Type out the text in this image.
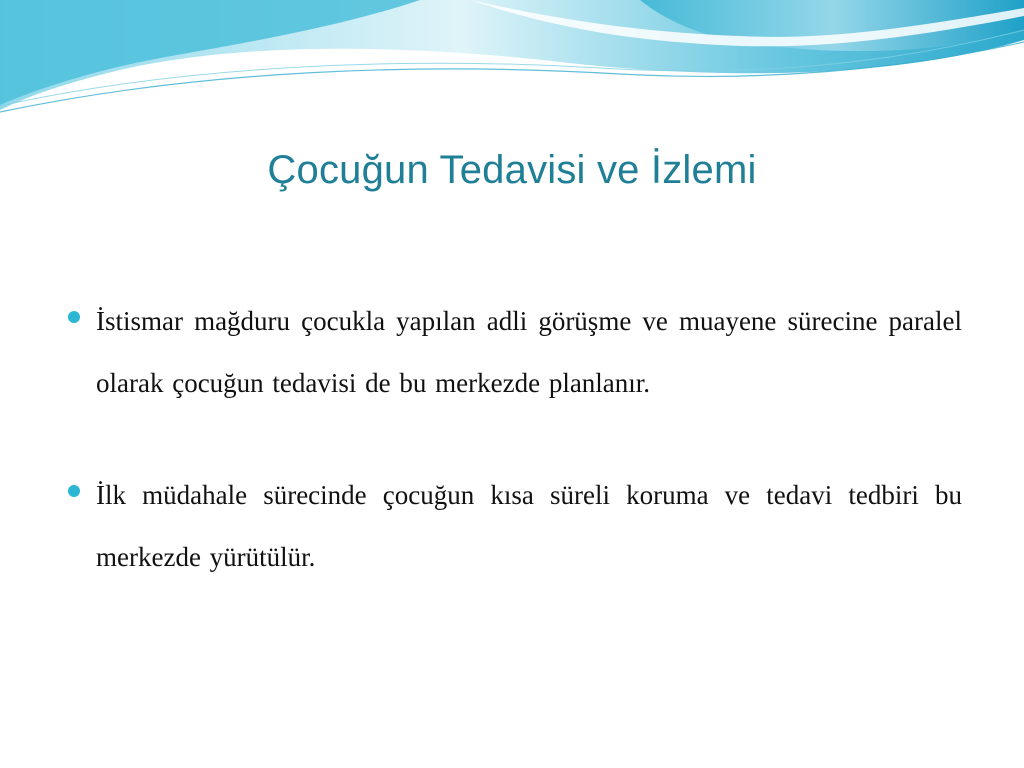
Çocuğun Tedavisi ve İzlemi
İstismar mağduru çocukla yapılan adli görüşme ve muayene sürecine paralel olarak çocuğun tedavisi de bu merkezde planlanır.
İlk müdahale sürecinde çocuğun kısa süreli koruma ve tedavi tedbiri bu merkezde yürütülür.
